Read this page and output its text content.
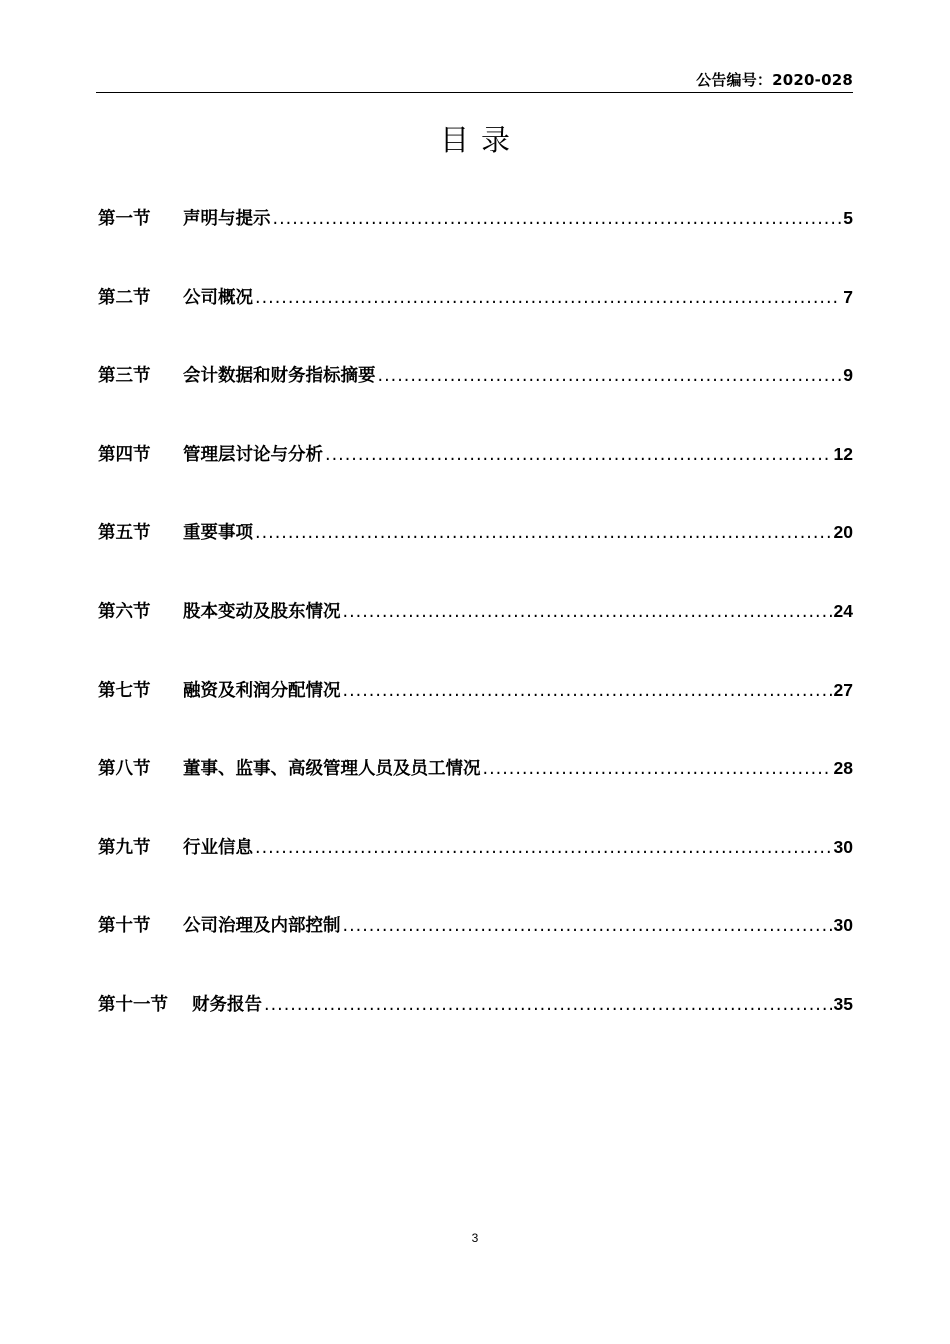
公告编号：2020-028
目录
第一节	声明与提示 .....	5
第二节	公司概况 .....	7
第三节	会计数据和财务指标摘要 .....	9
第四节	管理层讨论与分析 .....	12
第五节	重要事项 .....	20
第六节	股本变动及股东情况 .....	24
第七节	融资及利润分配情况 .....	27
第八节	董事、监事、高级管理人员及员工情况 .....	28
第九节	行业信息 .....	30
第十节	公司治理及内部控制 .....	30
第十一节	财务报告 .....	35
3
